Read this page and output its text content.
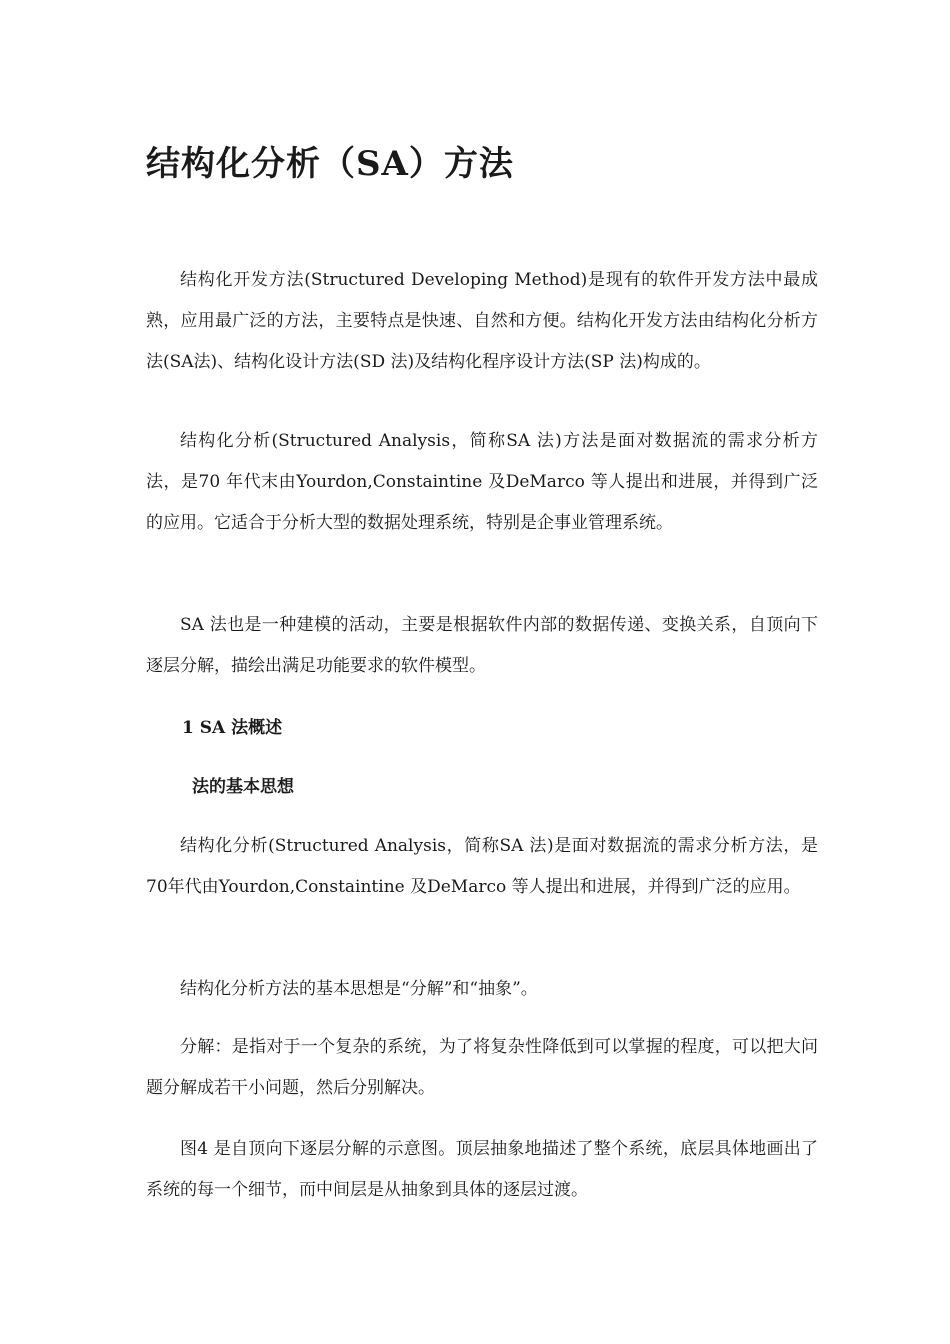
结构化分析（SA）方法

结构化开发方法(Structured Developing Method)是现有的软件开发方法中最成熟，应用最广泛的方法，主要特点是快速、自然和方便。结构化开发方法由结构化分析方法(SA法)、结构化设计方法(SD 法)及结构化程序设计方法(SP 法)构成的。

结构化分析(Structured Analysis，简称SA 法)方法是面对数据流的需求分析方法，是70 年代末由Yourdon,Constaintine 及DeMarco 等人提出和进展，并得到广泛的应用。它适合于分析大型的数据处理系统，特别是企事业管理系统。

SA 法也是一种建模的活动，主要是根据软件内部的数据传递、变换关系，自顶向下逐层分解，描绘出满足功能要求的软件模型。

1 SA 法概述
法的基本思想

结构化分析(Structured Analysis，简称SA 法)是面对数据流的需求分析方法，是70年代由Yourdon,Constaintine 及DeMarco 等人提出和进展，并得到广泛的应用。

结构化分析方法的基本思想是“分解”和“抽象”。

分解：是指对于一个复杂的系统，为了将复杂性降低到可以掌握的程度，可以把大问题分解成若干小问题，然后分别解决。

图4 是自顶向下逐层分解的示意图。顶层抽象地描述了整个系统，底层具体地画出了系统的每一个细节，而中间层是从抽象到具体的逐层过渡。
